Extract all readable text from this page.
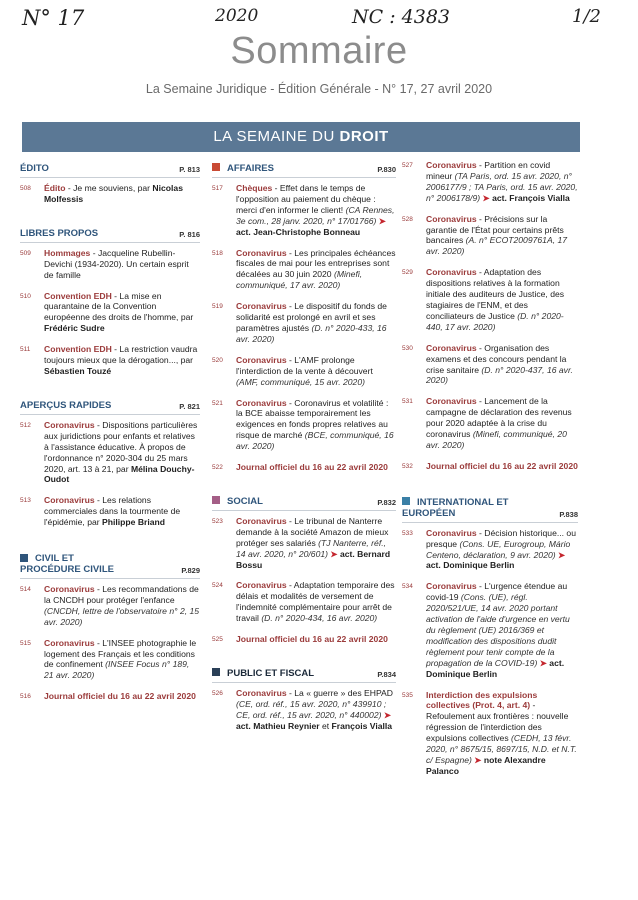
N° 17	2020	NC : 4383	1/2
Sommaire
La Semaine Juridique - Édition Générale - N° 17, 27 avril 2020
LA SEMAINE DU DROIT
ÉDITO	P. 813
508 Édito - Je me souviens, par Nicolas Molfessis
LIBRES PROPOS	P. 816
509 Hommages - Jacqueline Rubellin-Devichi (1934-2020). Un certain esprit de famille
510 Convention EDH - La mise en quarantaine de la Convention européenne des droits de l'homme, par Frédéric Sudre
511 Convention EDH - La restriction vaudra toujours mieux que la dérogation..., par Sébastien Touzé
APERÇUS RAPIDES	P. 821
512 Coronavirus - Dispositions particulières aux juridictions pour enfants et relatives à l'assistance éducative. À propos de l'ordonnance n° 2020-304 du 25 mars 2020, art. 13 à 21, par Mélina Douchy-Oudot
513 Coronavirus - Les relations commerciales dans la tourmente de l'épidémie, par Philippe Briand
CIVIL ET
PROCÉDURE CIVILE	P.829
514 Coronavirus - Les recommandations de la CNCDH pour protéger l'enfance (CNCDH, lettre de l'observatoire n° 2, 15 avr. 2020)
515 Coronavirus - L'INSEE photographie le logement des Français et les conditions de confinement (INSEE Focus n° 189, 21 avr. 2020)
516 Journal officiel du 16 au 22 avril 2020
AFFAIRES	P.830
517 Chèques - Effet dans le temps de l'opposition au paiement du chèque : merci d'en informer le client! (CA Rennes, 3e com., 28 janv. 2020, n° 17/01766) ➤ act. Jean-Christophe Bonneau
518 Coronavirus - Les principales échéances fiscales de mai pour les entreprises sont décalées au 30 juin 2020 (Minefi, communiqué, 17 avr. 2020)
519 Coronavirus - Le dispositif du fonds de solidarité est prolongé en avril et ses paramètres ajustés (D. n° 2020-433, 16 avr. 2020)
520 Coronavirus - L'AMF prolonge l'interdiction de la vente à découvert (AMF, communiqué, 15 avr. 2020)
521 Coronavirus - Coronavirus et volatilité : la BCE abaisse temporairement les exigences en fonds propres relatives au risque de marché (BCE, communiqué, 16 avr. 2020)
522 Journal officiel du 16 au 22 avril 2020
SOCIAL	P.832
523 Coronavirus - Le tribunal de Nanterre demande à la société Amazon de mieux protéger ses salariés (TJ Nanterre, réf., 14 avr. 2020, n° 20/601) ➤ act. Bernard Bossu
524 Coronavirus - Adaptation temporaire des délais et modalités de versement de l'indemnité complémentaire pour arrêt de travail (D. n° 2020-434, 16 avr. 2020)
525 Journal officiel du 16 au 22 avril 2020
PUBLIC ET FISCAL	P.834
526 Coronavirus - La « guerre » des EHPAD (CE, ord. réf., 15 avr. 2020, n° 439910 ; CE, ord. réf., 15 avr. 2020, n° 440002) ➤ act. Mathieu Reynier et François Vialla
527 Coronavirus - Partition en covid mineur (TA Paris, ord. 15 avr. 2020, n° 2006177/9 ; TA Paris, ord. 15 avr. 2020, n° 2006178/9) ➤ act. François Vialla
528 Coronavirus - Précisions sur la garantie de l'État pour certains prêts bancaires (A. n° ECOT2009761A, 17 avr. 2020)
529 Coronavirus - Adaptation des dispositions relatives à la formation initiale des auditeurs de Justice, des stagiaires de l'ENM, et des conciliateurs de Justice (D. n° 2020-440, 17 avr. 2020)
530 Coronavirus - Organisation des examens et des concours pendant la crise sanitaire (D. n° 2020-437, 16 avr. 2020)
531 Coronavirus - Lancement de la campagne de déclaration des revenus pour 2020 adaptée à la crise du coronavirus (Minefi, communiqué, 20 avr. 2020)
532 Journal officiel du 16 au 22 avril 2020
INTERNATIONAL ET
EUROPÉEN	P.838
533 Coronavirus - Décision historique... ou presque (Cons. UE, Eurogroup, Mário Centeno, déclaration, 9 avr. 2020) ➤ act. Dominique Berlin
534 Coronavirus - L'urgence étendue au covid-19 (Cons. (UE), régl. 2020/521/UE, 14 avr. 2020 portant activation de l'aide d'urgence en vertu du règlement (UE) 2016/369 et modification des dispositions dudit règlement pour tenir compte de la propagation de la COVID-19) ➤ act. Dominique Berlin
535 Interdiction des expulsions collectives (Prot. 4, art. 4) - Refoulement aux frontières : nouvelle régression de l'interdiction des expulsions collectives (CEDH, 13 févr. 2020, n° 8675/15, 8697/15, N.D. et N.T. c/ Espagne) ➤ note Alexandre Palanco
